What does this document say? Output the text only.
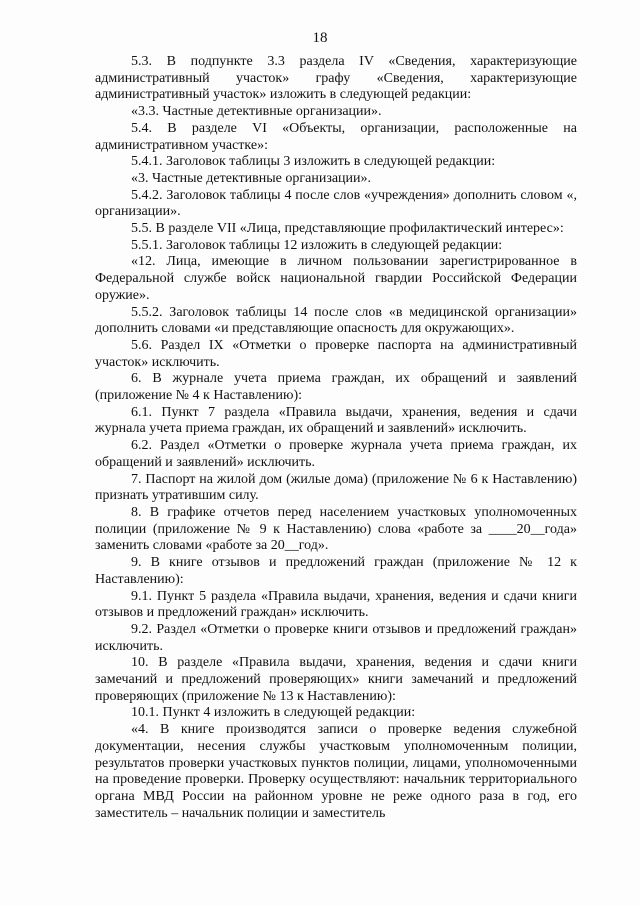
18

5.3. В подпункте 3.3 раздела IV «Сведения, характеризующие административный участок» графу «Сведения, характеризующие административный участок» изложить в следующей редакции:

«3.3. Частные детективные организации».

5.4. В разделе VI «Объекты, организации, расположенные на административном участке»:

5.4.1. Заголовок таблицы 3 изложить в следующей редакции:

«3. Частные детективные организации».

5.4.2. Заголовок таблицы 4 после слов «учреждения» дополнить словом «, организации».

5.5. В разделе VII «Лица, представляющие профилактический интерес»:

5.5.1. Заголовок таблицы 12 изложить в следующей редакции:

«12. Лица, имеющие в личном пользовании зарегистрированное в Федеральной службе войск национальной гвардии Российской Федерации оружие».

5.5.2. Заголовок таблицы 14 после слов «в медицинской организации» дополнить словами «и представляющие опасность для окружающих».

5.6. Раздел IX «Отметки о проверке паспорта на административный участок» исключить.

6. В журнале учета приема граждан, их обращений и заявлений (приложение № 4 к Наставлению):

6.1. Пункт 7 раздела «Правила выдачи, хранения, ведения и сдачи журнала учета приема граждан, их обращений и заявлений» исключить.

6.2. Раздел «Отметки о проверке журнала учета приема граждан, их обращений и заявлений» исключить.

7. Паспорт на жилой дом (жилые дома) (приложение № 6 к Наставлению) признать утратившим силу.

8. В графике отчетов перед населением участковых уполномоченных полиции (приложение № 9 к Наставлению) слова «работе за ____20__года» заменить словами «работе за 20__год».

9. В книге отзывов и предложений граждан (приложение № 12 к Наставлению):

9.1. Пункт 5 раздела «Правила выдачи, хранения, ведения и сдачи книги отзывов и предложений граждан» исключить.

9.2. Раздел «Отметки о проверке книги отзывов и предложений граждан» исключить.

10. В разделе «Правила выдачи, хранения, ведения и сдачи книги замечаний и предложений проверяющих» книги замечаний и предложений проверяющих (приложение № 13 к Наставлению):

10.1. Пункт 4 изложить в следующей редакции:

«4. В книге производятся записи о проверке ведения служебной документации, несения службы участковым уполномоченным полиции, результатов проверки участковых пунктов полиции, лицами, уполномоченными на проведение проверки. Проверку осуществляют: начальник территориального органа МВД России на районном уровне не реже одного раза в год, его заместитель – начальник полиции и заместитель
